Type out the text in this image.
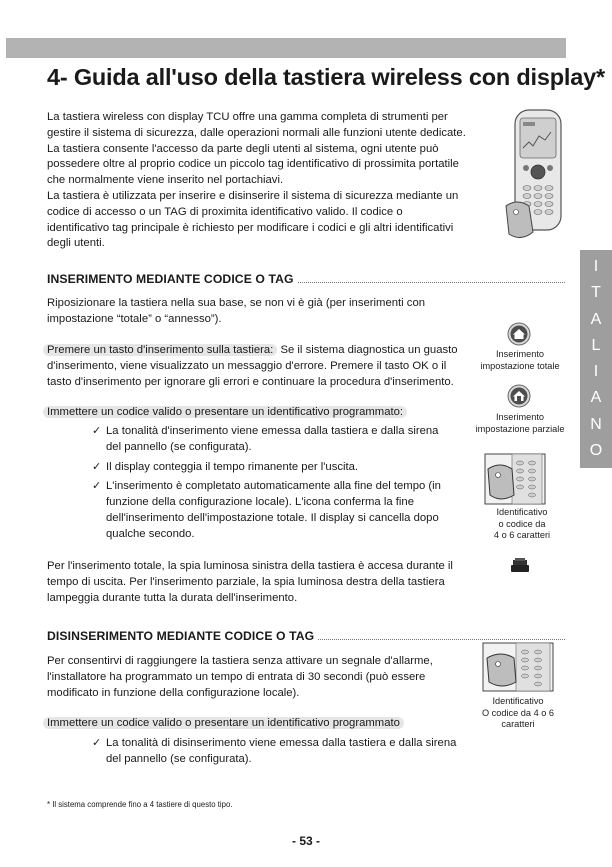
4- Guida all'uso della tastiera wireless con display*
La tastiera wireless con display TCU offre una gamma completa di strumenti per
gestire il sistema di sicurezza, dalle operazioni normali alle funzioni utente dedicate.
La tastiera consente l'accesso da parte degli utenti al sistema, ogni utente può
possedere oltre al proprio codice un piccolo tag identificativo di prossimita portatile
che normalmente viene inserito nel portachiavi.
La tastiera è utilizzata per inserire e disinserire il sistema di sicurezza mediante un
codice di accesso o un TAG di proximita identificativo valido. Il codice o
identificativo tag principale è richiesto per modificare i codici e gli altri identificativi
degli utenti.
I
T
A
L
I
A
N
O
INSERIMENTO MEDIANTE CODICE O TAG
Riposizionare la tastiera nella sua base, se non vi è già (per inserimenti con
impostazione “totale” o “annesso”).
Premere un tasto d'inserimento sulla tastiera: Se il sistema diagnostica un guasto
d'inserimento, viene visualizzato un messaggio d'errore. Premere il tasto OK o il
tasto d'inserimento per ignorare gli errori e continuare la procedura d'inserimento.
Immettere un codice valido o presentare un identificativo programmato:
✓ La tonalità d'inserimento viene emessa dalla tastiera e dalla sirena
del pannello (se configurata).
✓ Il display conteggia il tempo rimanente per l'uscita.
✓ L'inserimento è completato automaticamente alla fine del tempo (in
funzione della configurazione locale). L'icona conferma la fine
dell'inserimento dell'impostazione totale. Il display si cancella dopo
qualche secondo.
Per l'inserimento totale, la spia luminosa sinistra della tastiera è accesa durante il
tempo di uscita. Per l'inserimento parziale, la spia luminosa destra della tastiera
lampeggia durante tutta la durata dell'inserimento.
Inserimento
impostazione totale
Inserimento
impostazione parziale
Identificativo
o codice da
4 o 6 caratteri
DISINSERIMENTO MEDIANTE CODICE O TAG
Per consentirvi di raggiungere la tastiera senza attivare un segnale d'allarme,
l'installatore ha programmato un tempo di entrata di 30 secondi (può essere
modificato in funzione della configurazione locale).
Immettere un codice valido o presentare un identificativo programmato
✓ La tonalità di disinserimento viene emessa dalla tastiera e dalla sirena
del pannello (se configurata).
Identificativo
O codice da 4 o 6
caratteri
* Il sistema comprende fino a 4 tastiere di questo tipo.
- 53 -
